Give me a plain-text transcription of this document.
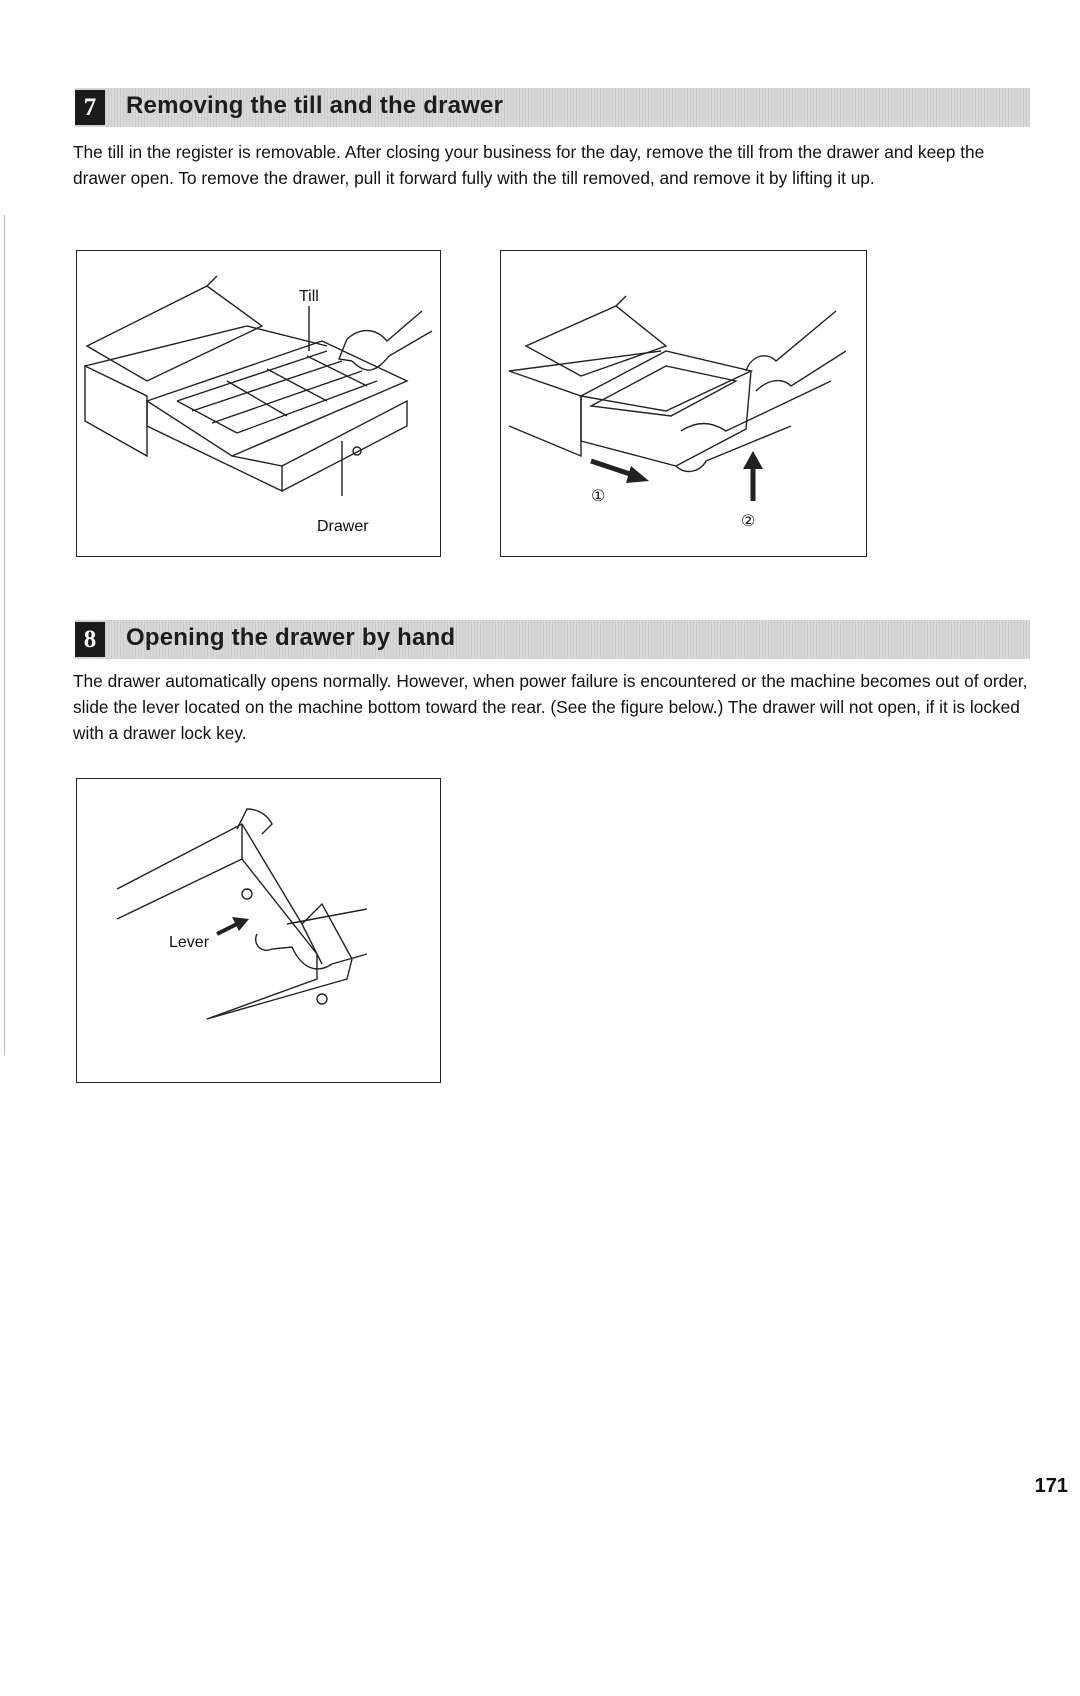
7	Removing the till and the drawer

The till in the register is removable. After closing your business for the day, remove the till from the drawer and keep the drawer open. To remove the drawer, pull it forward fully with the till removed, and remove it by lifting it up.

Till
Drawer
①
②
8	Opening the drawer by hand

The drawer automatically opens normally. However, when power failure is encountered or the machine becomes out of order, slide the lever located on the machine bottom toward the rear. (See the figure below.) The drawer will not open, if it is locked with a drawer lock key.

Lever
171
